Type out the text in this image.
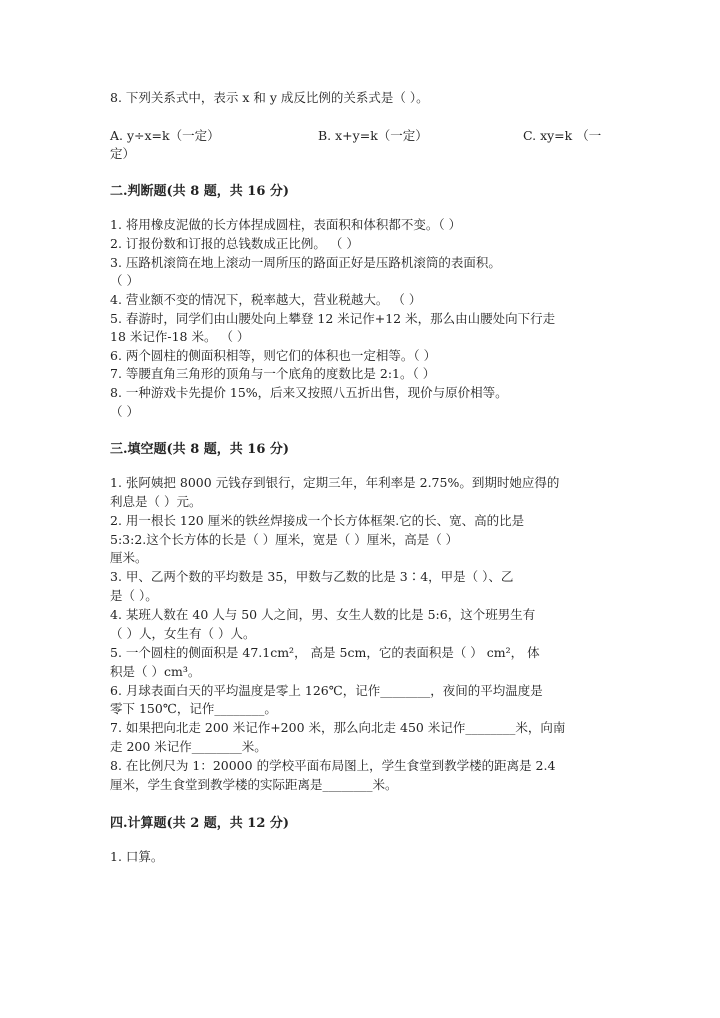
8. 下列关系式中，表示 x 和 y 成反比例的关系式是（ ）。
A. y÷x=k（一定）	B. x+y=k（一定）	C. xy=k （一
定）
二.判断题(共 8 题，共 16 分)
1. 将用橡皮泥做的长方体捏成圆柱，表面积和体积都不变。（ ）
2. 订报份数和订报的总钱数成正比例。 （ ）
3. 压路机滚筒在地上滚动一周所压的路面正好是压路机滚筒的表面积。
（ ）
4. 营业额不变的情况下，税率越大，营业税越大。 （ ）
5. 春游时，同学们由山腰处向上攀登 12 米记作+12 米，那么由山腰处向下行走
18 米记作-18 米。 （ ）
6. 两个圆柱的侧面积相等，则它们的体积也一定相等。（ ）
7. 等腰直角三角形的顶角与一个底角的度数比是 2:1。（ ）
8. 一种游戏卡先提价 15%，后来又按照八五折出售，现价与原价相等。
（ ）
三.填空题(共 8 题，共 16 分)
1. 张阿姨把 8000 元钱存到银行，定期三年，年利率是 2.75%。到期时她应得的
利息是（ ）元。
2. 用一根长 120 厘米的铁丝焊接成一个长方体框架.它的长、宽、高的比是
5:3:2.这个长方体的长是（ ）厘米，宽是（ ）厘米，高是（ ）
厘米。
3. 甲、乙两个数的平均数是 35，甲数与乙数的比是 3∶4，甲是（ ）、乙
是（ ）。
4. 某班人数在 40 人与 50 人之间，男、女生人数的比是 5:6，这个班男生有
（ ）人，女生有（ ）人。
5. 一个圆柱的侧面积是 47.1cm²， 高是 5cm，它的表面积是（ ） cm²， 体
积是（ ）cm³。
6. 月球表面白天的平均温度是零上 126℃，记作________，夜间的平均温度是
零下 150℃，记作________。
7. 如果把向北走 200 米记作+200 米，那么向北走 450 米记作________米，向南
走 200 米记作________米。
8. 在比例尺为 1：20000 的学校平面布局图上，学生食堂到教学楼的距离是 2.4
厘米，学生食堂到教学楼的实际距离是________米。
四.计算题(共 2 题，共 12 分)
1. 口算。
